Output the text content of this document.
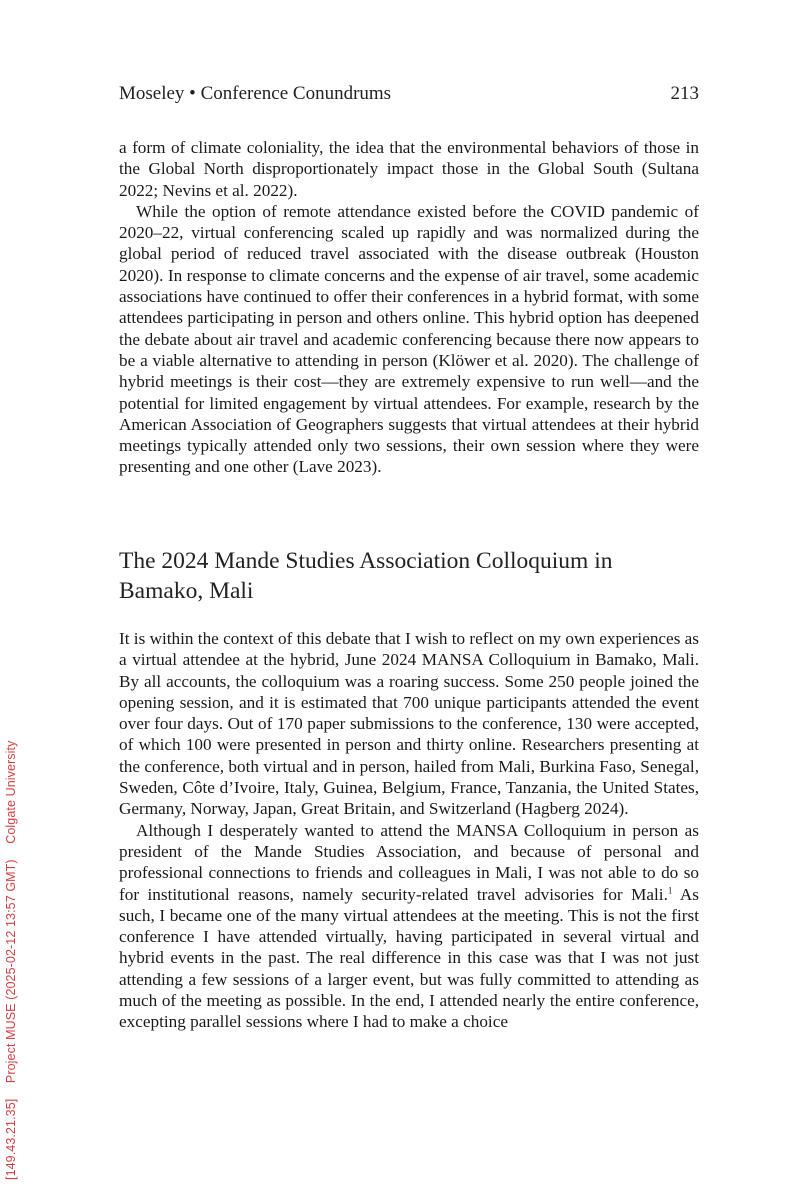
Moseley • Conference Conundrums	213

a form of climate coloniality, the idea that the environmental behaviors of those in the Global North disproportionately impact those in the Global South (Sultana 2022; Nevins et al. 2022).

While the option of remote attendance existed before the COVID pandemic of 2020–22, virtual conferencing scaled up rapidly and was normalized during the global period of reduced travel associated with the disease outbreak (Houston 2020). In response to climate concerns and the expense of air travel, some academic associations have continued to offer their conferences in a hybrid format, with some attendees participating in person and others online. This hybrid option has deepened the debate about air travel and academic conferencing because there now appears to be a viable alternative to attending in person (Klöwer et al. 2020). The challenge of hybrid meetings is their cost—they are extremely expensive to run well—and the potential for limited engagement by virtual attendees. For example, research by the American Association of Geographers suggests that virtual attendees at their hybrid meetings typically attended only two sessions, their own session where they were presenting and one other (Lave 2023).

The 2024 Mande Studies Association Colloquium in Bamako, Mali

It is within the context of this debate that I wish to reflect on my own experiences as a virtual attendee at the hybrid, June 2024 MANSA Colloquium in Bamako, Mali. By all accounts, the colloquium was a roaring success. Some 250 people joined the opening session, and it is estimated that 700 unique participants attended the event over four days. Out of 170 paper submissions to the conference, 130 were accepted, of which 100 were presented in person and thirty online. Researchers presenting at the conference, both virtual and in person, hailed from Mali, Burkina Faso, Senegal, Sweden, Côte d’Ivoire, Italy, Guinea, Belgium, France, Tanzania, the United States, Germany, Norway, Japan, Great Britain, and Switzerland (Hagberg 2024).

Although I desperately wanted to attend the MANSA Colloquium in person as president of the Mande Studies Association, and because of personal and professional connections to friends and colleagues in Mali, I was not able to do so for institutional reasons, namely security-related travel advisories for Mali.$^1$ As such, I became one of the many virtual attendees at the meeting. This is not the first conference I have attended virtually, having participated in several virtual and hybrid events in the past. The real difference in this case was that I was not just attending a few sessions of a larger event, but was fully committed to attending as much of the meeting as possible. In the end, I attended nearly the entire conference, excepting parallel sessions where I had to make a choice

[149.43.21.35] Project MUSE (2025-02-12 13:57 GMT) Colgate University
